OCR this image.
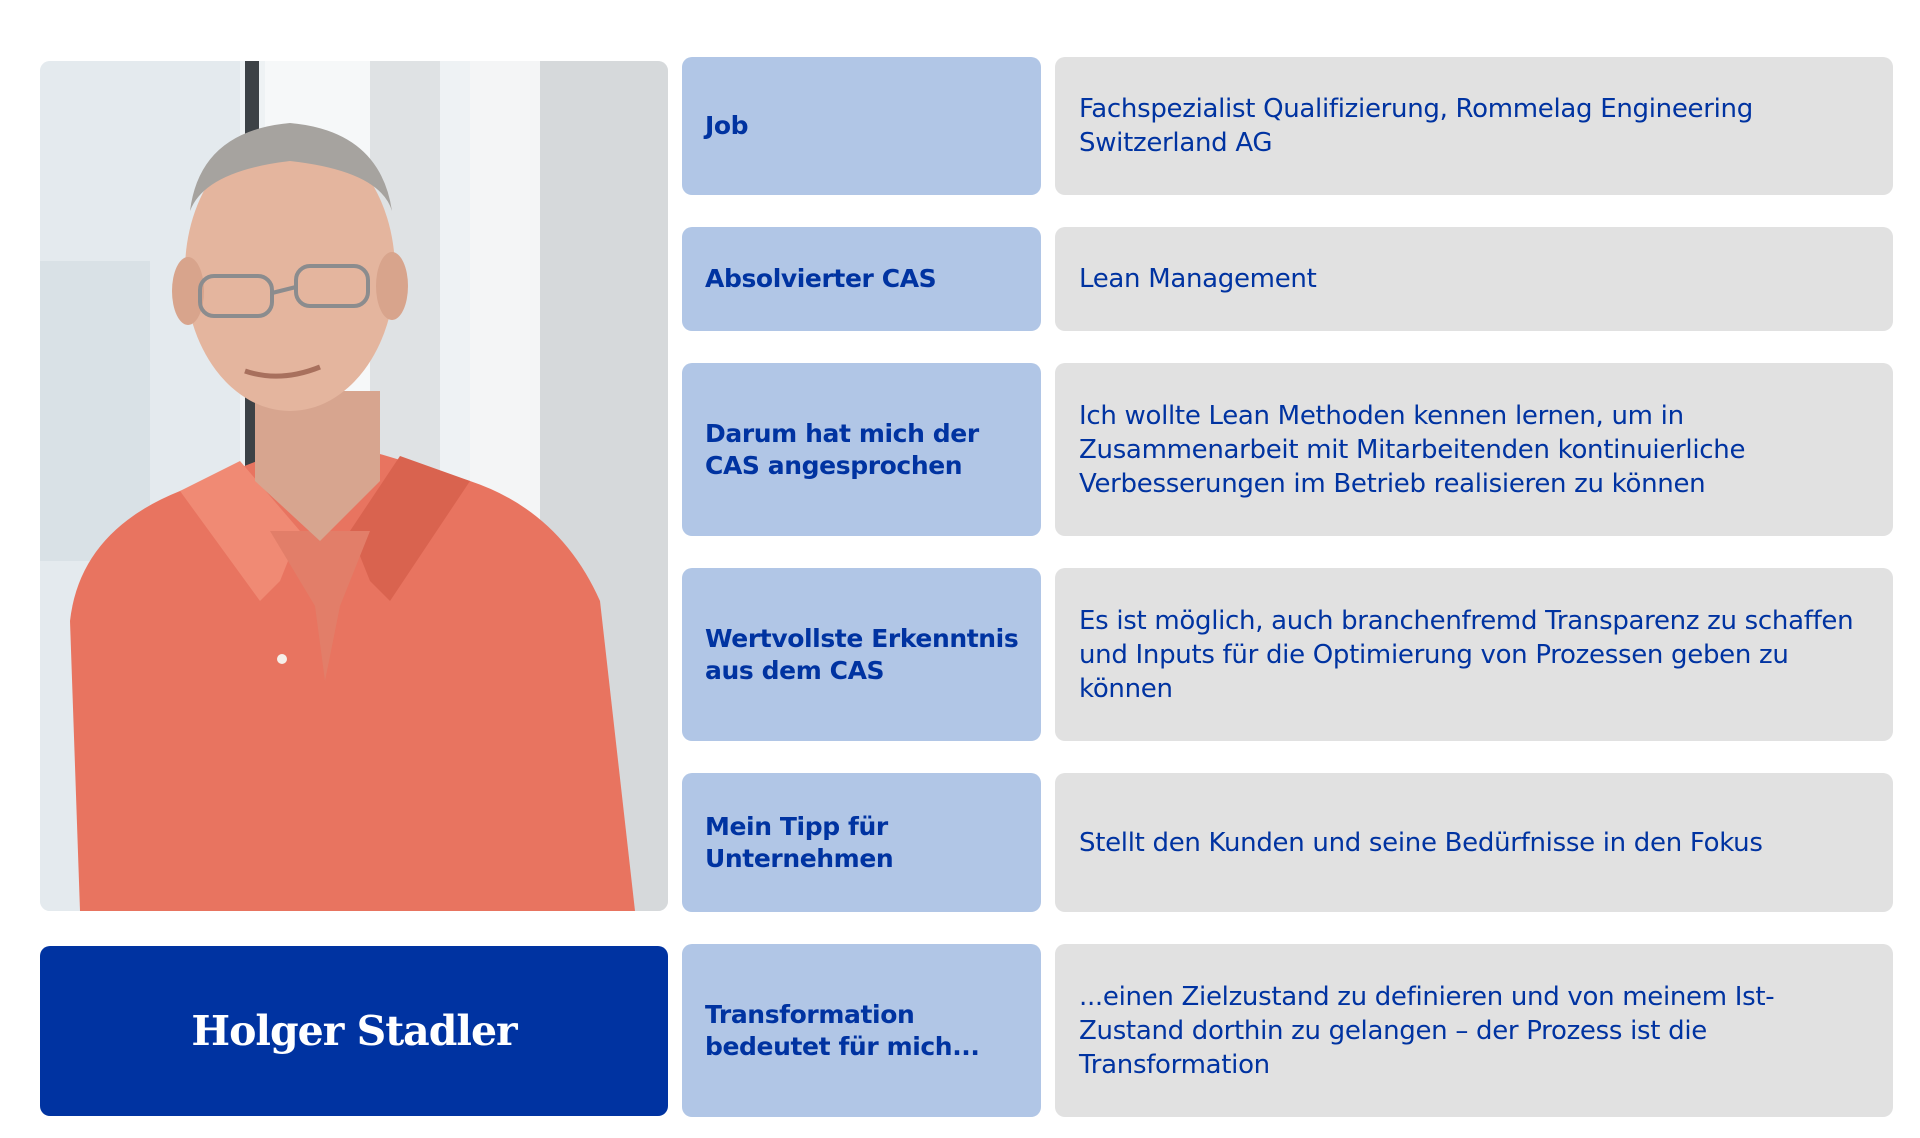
Holger Stadler
Job
Fachspezialist Qualifizierung, Rommelag Engineering Switzerland AG
Absolvierter CAS	Lean Management
Darum hat mich der CAS angesprochen
Ich wollte Lean Methoden kennen lernen, um in Zusammenarbeit mit Mitarbeitenden kontinuierliche Verbesserungen im Betrieb realisieren zu können
Wertvollste Erkenntnis aus dem CAS
Es ist möglich, auch branchenfremd Transparenz zu schaffen und Inputs für die Optimierung von Prozessen geben zu können
Mein Tipp für Unternehmen
Stellt den Kunden und seine Bedürfnisse in den Fokus
Transformation bedeutet für mich...
...einen Zielzustand zu definieren und von meinem Ist-Zustand dorthin zu gelangen – der Prozess ist die Transformation
